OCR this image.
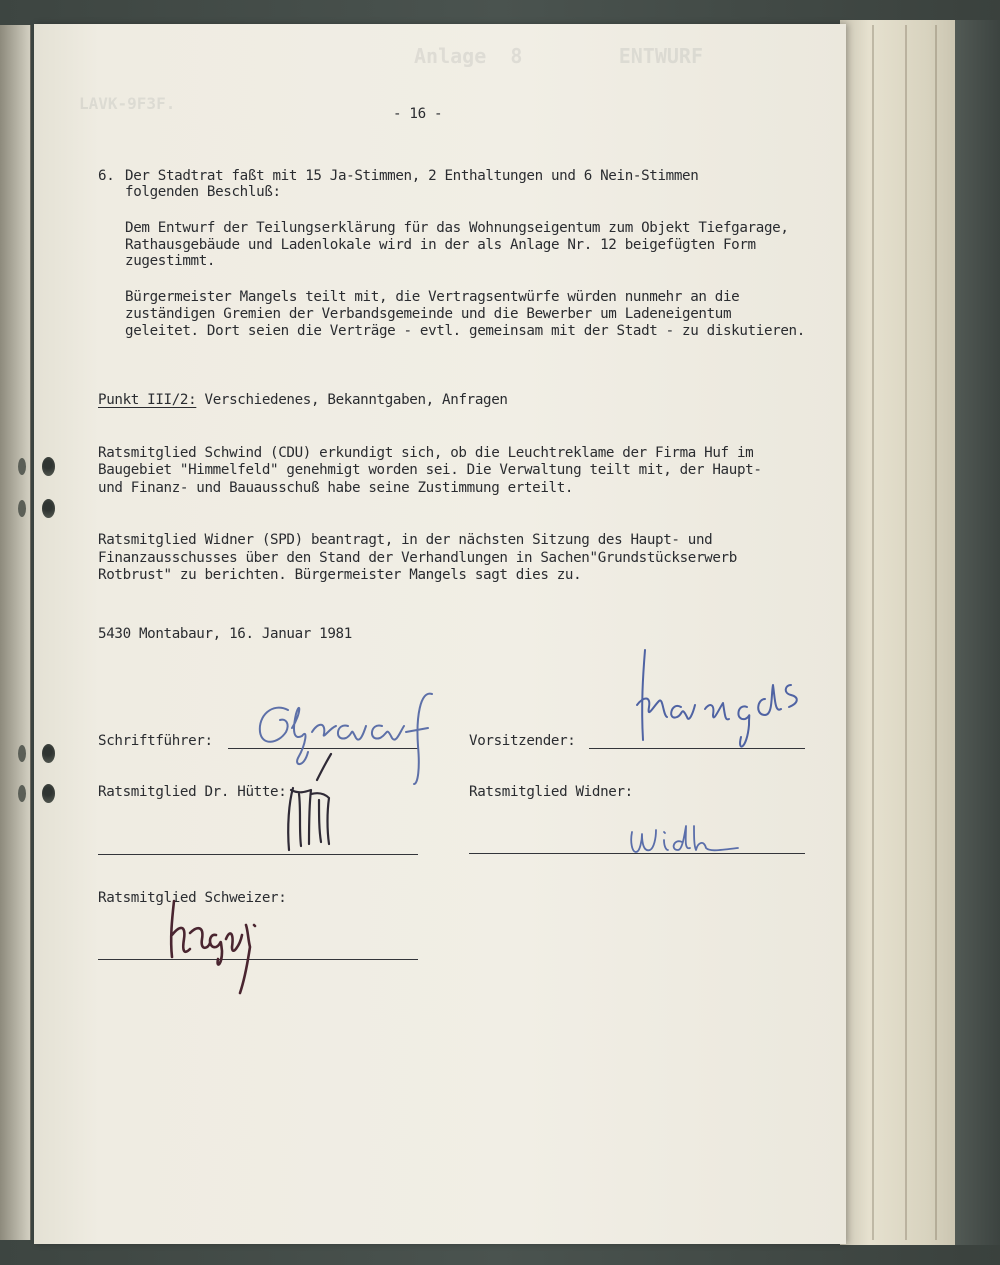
Anlage  8        ENTWURF
LAVK-9F3F.
- 16 -
6. Der Stadtrat faßt mit 15 Ja-Stimmen, 2 Enthaltungen und 6 Nein-Stimmen
folgenden Beschluß:
Dem Entwurf der Teilungserklärung für das Wohnungseigentum zum Objekt Tiefgarage,
Rathausgebäude und Ladenlokale wird in der als Anlage Nr. 12 beigefügten Form
zugestimmt.
Bürgermeister Mangels teilt mit, die Vertragsentwürfe würden nunmehr an die
zuständigen Gremien der Verbandsgemeinde und die Bewerber um Ladeneigentum
geleitet. Dort seien die Verträge - evtl. gemeinsam mit der Stadt - zu diskutieren.
Punkt III/2: Verschiedenes, Bekanntgaben, Anfragen
Ratsmitglied Schwind (CDU) erkundigt sich, ob die Leuchtreklame der Firma Huf im
Baugebiet "Himmelfeld" genehmigt worden sei. Die Verwaltung teilt mit, der Haupt-
und Finanz- und Bauausschuß habe seine Zustimmung erteilt.
Ratsmitglied Widner (SPD) beantragt, in der nächsten Sitzung des Haupt- und
Finanzausschusses über den Stand der Verhandlungen in Sachen"Grundstückserwerb
Rotbrust" zu berichten. Bürgermeister Mangels sagt dies zu.
5430 Montabaur, 16. Januar 1981
Schriftführer:	Vorsitzender:
Ratsmitglied Dr. Hütte:	Ratsmitglied Widner:
Ratsmitglied Schweizer:
